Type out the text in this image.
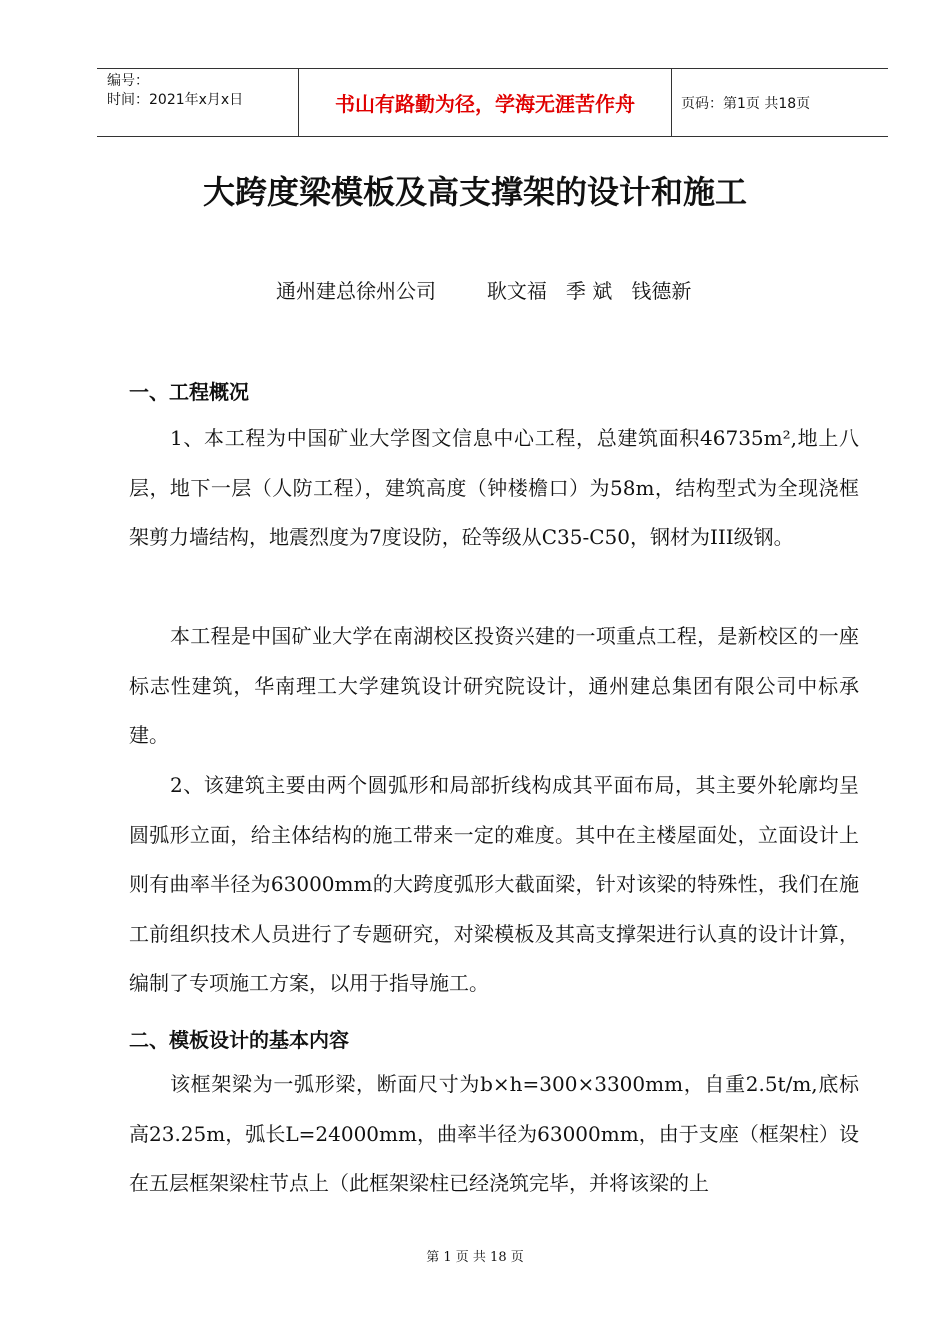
编号：
时间：2021年x月x日	书山有路勤为径，学海无涯苦作舟	页码：第1页 共18页
大跨度梁模板及高支撑架的设计和施工
通州建总徐州公司        耿文福   季 斌   钱德新
一、工程概况

1、本工程为中国矿业大学图文信息中心工程，总建筑面积46735m²,地上八层，地下一层（人防工程），建筑高度（钟楼檐口）为58m，结构型式为全现浇框架剪力墙结构，地震烈度为7度设防，砼等级从C35-C50，钢材为III级钢。

本工程是中国矿业大学在南湖校区投资兴建的一项重点工程，是新校区的一座标志性建筑，华南理工大学建筑设计研究院设计，通州建总集团有限公司中标承建。

2、该建筑主要由两个圆弧形和局部折线构成其平面布局，其主要外轮廓均呈圆弧形立面，给主体结构的施工带来一定的难度。其中在主楼屋面处，立面设计上则有曲率半径为63000mm的大跨度弧形大截面梁，针对该梁的特殊性，我们在施工前组织技术人员进行了专题研究，对梁模板及其高支撑架进行认真的设计计算，编制了专项施工方案，以用于指导施工。

二、模板设计的基本内容

该框架梁为一弧形梁，断面尺寸为b×h=300×3300mm，自重2.5t/m,底标高23.25m，弧长L=24000mm，曲率半径为63000mm，由于支座（框架柱）设在五层框架梁柱节点上（此框架梁柱已经浇筑完毕，并将该梁的上

第 1 页 共 18 页
